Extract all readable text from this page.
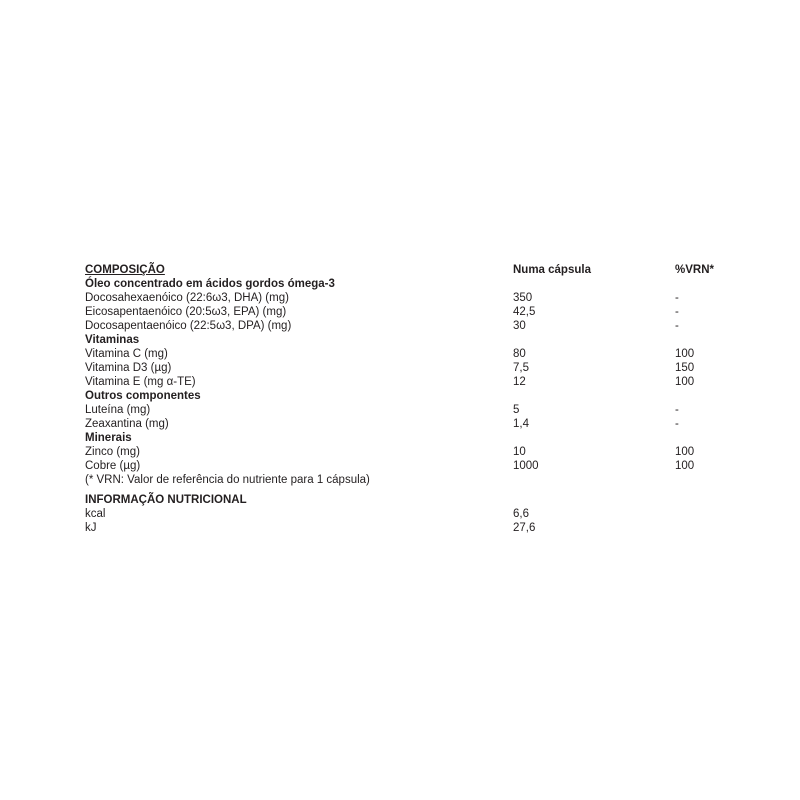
COMPOSIÇÃO	Numa cápsula	%VRN*
Óleo concentrado em ácidos gordos ómega-3
Docosahexaenóico (22:6ω3, DHA) (mg)	350	-
Eicosapentaenóico (20:5ω3, EPA) (mg)	42,5	-
Docosapentaenóico (22:5ω3, DPA) (mg)	30	-
Vitaminas
Vitamina C (mg)	80	100
Vitamina D3 (µg)	7,5	150
Vitamina E (mg α-TE)	12	100
Outros componentes
Luteína (mg)	5	-
Zeaxantina (mg)	1,4	-
Minerais
Zinco (mg)	10	100
Cobre (µg)	1000	100
(* VRN: Valor de referência do nutriente para 1 cápsula)
INFORMAÇÃO NUTRICIONAL
kcal	6,6
kJ	27,6
